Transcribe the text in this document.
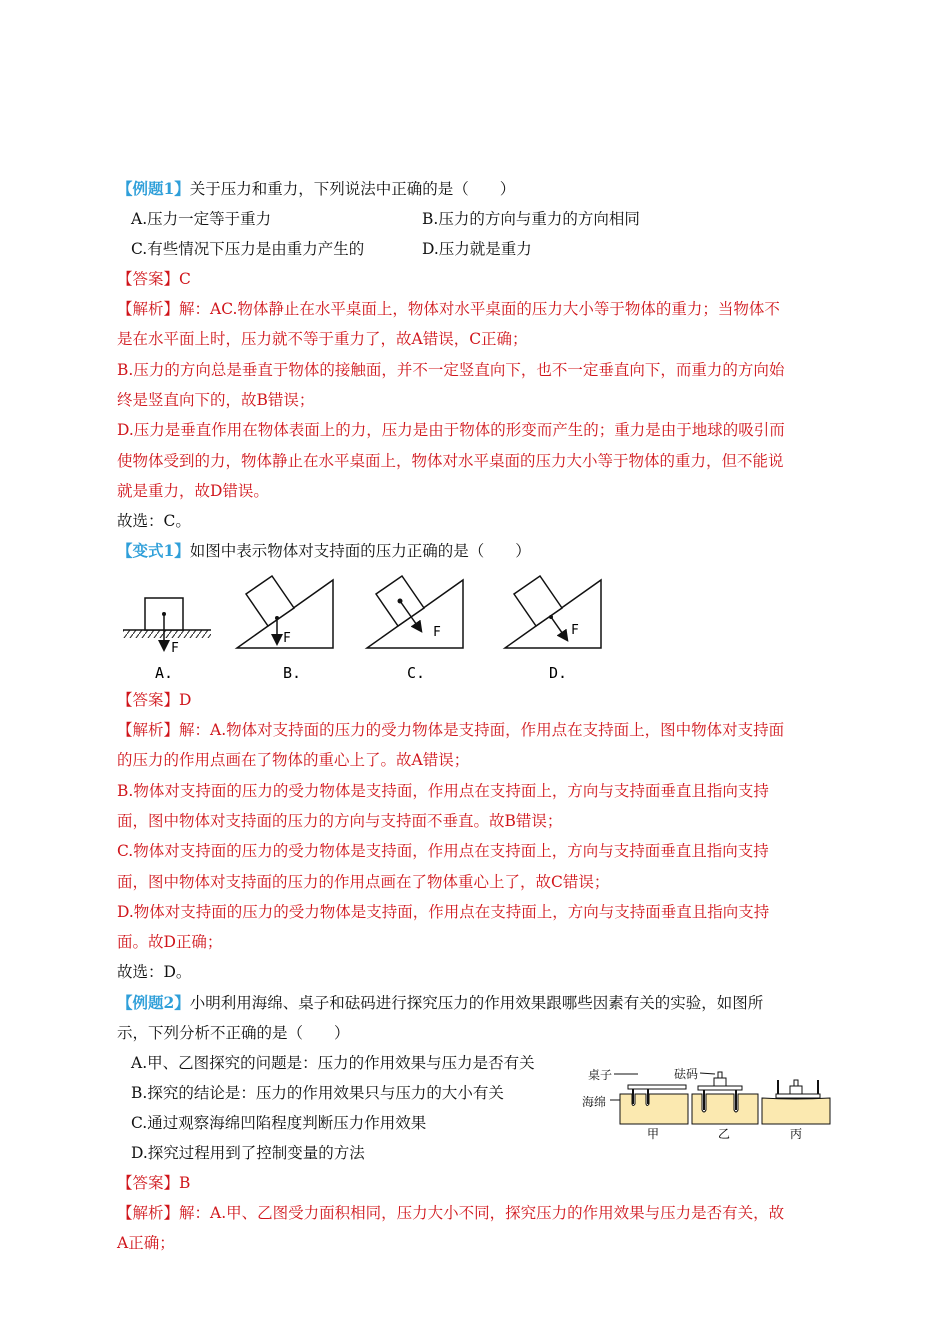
【例题1】关于压力和重力，下列说法中正确的是（　　）
A.压力一定等于重力	B.压力的方向与重力的方向相同
C.有些情况下压力是由重力产生的	D.压力就是重力
【答案】C
【解析】解：AC.物体静止在水平桌面上，物体对水平桌面的压力大小等于物体的重力；当物体不
是在水平面上时，压力就不等于重力了，故A错误，C正确；
B.压力的方向总是垂直于物体的接触面，并不一定竖直向下，也不一定垂直向下，而重力的方向始
终是竖直向下的，故B错误；
D.压力是垂直作用在物体表面上的力，压力是由于物体的形变而产生的；重力是由于地球的吸引而
使物体受到的力，物体静止在水平桌面上，物体对水平桌面的压力大小等于物体的重力，但不能说
就是重力，故D错误。
故选：C。
【变式1】如图中表示物体对支持面的压力正确的是（　　）
F
A.
F
B.
F
C.
F
D.
【答案】D
【解析】解：A.物体对支持面的压力的受力物体是支持面，作用点在支持面上，图中物体对支持面
的压力的作用点画在了物体的重心上了。故A错误；
B.物体对支持面的压力的受力物体是支持面，作用点在支持面上，方向与支持面垂直且指向支持
面，图中物体对支持面的压力的方向与支持面不垂直。故B错误；
C.物体对支持面的压力的受力物体是支持面，作用点在支持面上，方向与支持面垂直且指向支持
面，图中物体对支持面的压力的作用点画在了物体重心上了，故C错误；
D.物体对支持面的压力的受力物体是支持面，作用点在支持面上，方向与支持面垂直且指向支持
面。故D正确；
故选：D。
【例题2】小明利用海绵、桌子和砝码进行探究压力的作用效果跟哪些因素有关的实验，如图所
示，下列分析不正确的是（　　）
A.甲、乙图探究的问题是：压力的作用效果与压力是否有关
B.探究的结论是：压力的作用效果只与压力的大小有关
C.通过观察海绵凹陷程度判断压力作用效果
D.探究过程用到了控制变量的方法
【答案】B
【解析】解：A.甲、乙图受力面积相同，压力大小不同，探究压力的作用效果与压力是否有关，故
A正确；
桌子	砝码
海绵
甲	乙	丙
